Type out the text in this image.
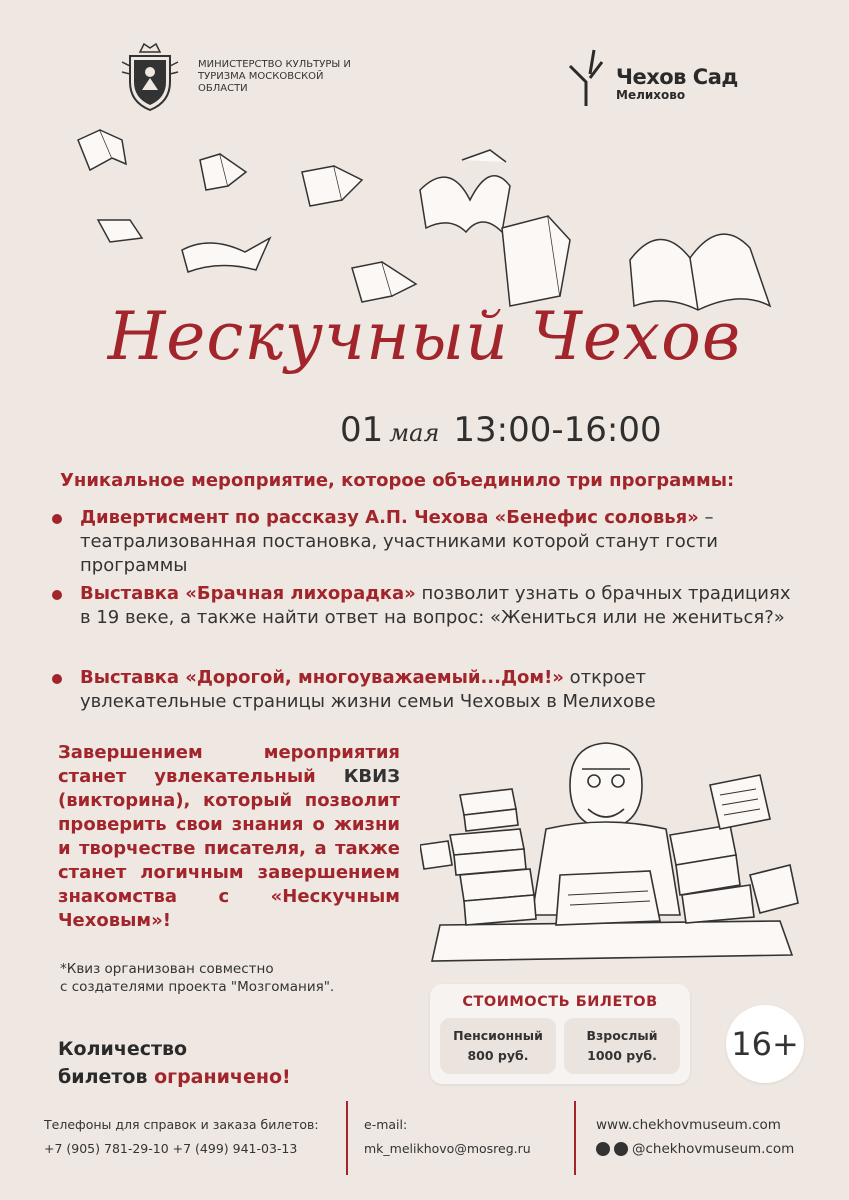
МИНИСТЕРСТВО КУЛЬТУРЫ И ТУРИЗМА МОСКОВСКОЙ ОБЛАСТИ	Чехов Сад
Мелихово
Нескучный Чехов
01 мая 13:00-16:00
Уникальное мероприятие, которое объединило три программы:
Дивертисмент по рассказу А.П. Чехова «Бенефис соловья» – театрализованная постановка, участниками которой станут гости программы
Выставка «Брачная лихорадка» позволит узнать о брачных традициях в 19 веке, а также найти ответ на вопрос: «Жениться или не жениться?»
Выставка «Дорогой, многоуважаемый...Дом!» откроет увлекательные страницы жизни семьи Чеховых в Мелихове
Завершением мероприятия станет увлекательный КВИЗ (викторина), который позволит проверить свои знания о жизни и творчестве писателя, а также станет логичным завершением знакомства с «Нескучным Чеховым»!
*Квиз организован совместно
с создателями проекта "Мозгомания".
Количество
билетов ограничено!
СТОИМОСТЬ БИЛЕТОВ
Пенсионный
800 руб.
Взрослый
1000 руб.	16+
Телефоны для справок и заказа билетов:
+7 (905) 781-29-10 +7 (499) 941-03-13
e-mail:
mk_melikhovo@mosreg.ru
www.chekhovmuseum.com
@chekhovmuseum.com
